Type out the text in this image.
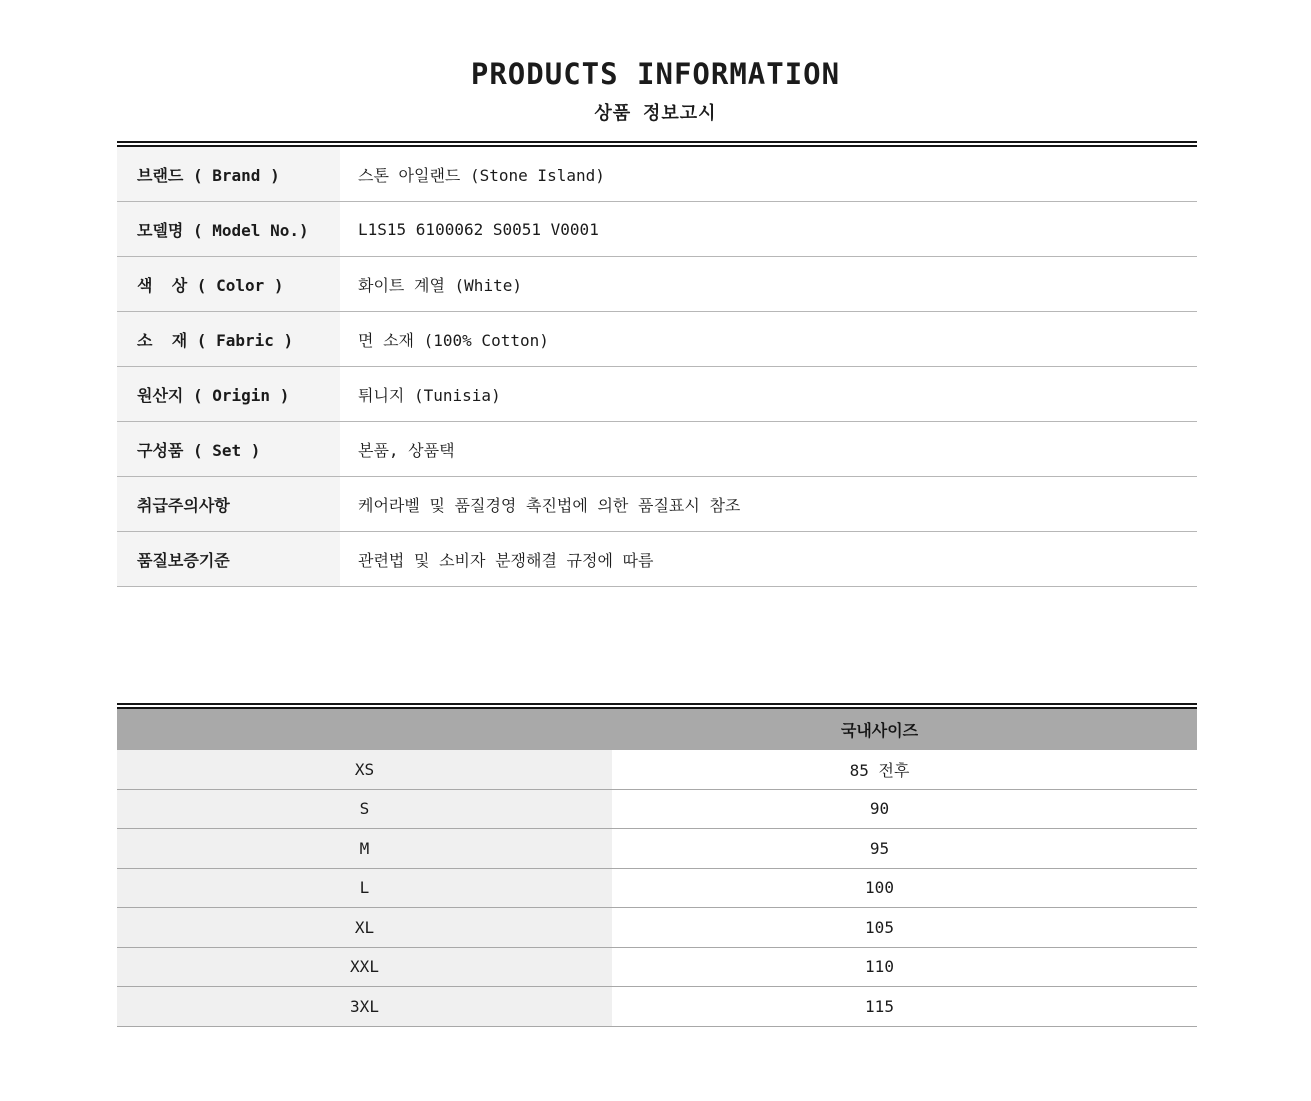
PRODUCTS INFORMATION
상품 정보고시
브랜드 ( Brand )	스톤 아일랜드 (Stone Island)
모델명 ( Model No.)	L1S15 6100062 S0051 V0001
색  상 ( Color )	화이트 계열 (White)
소  재 ( Fabric )	면 소재 (100% Cotton)
원산지 ( Origin )	튀니지 (Tunisia)
구성품 ( Set )	본품, 상품택
취급주의사항	케어라벨 및 품질경영 촉진법에 의한 품질표시 참조
품질보증기준	관련법 및 소비자 분쟁해결 규정에 따름
국내사이즈
XS	85 전후
S	90
M	95
L	100
XL	105
XXL	110
3XL	115
